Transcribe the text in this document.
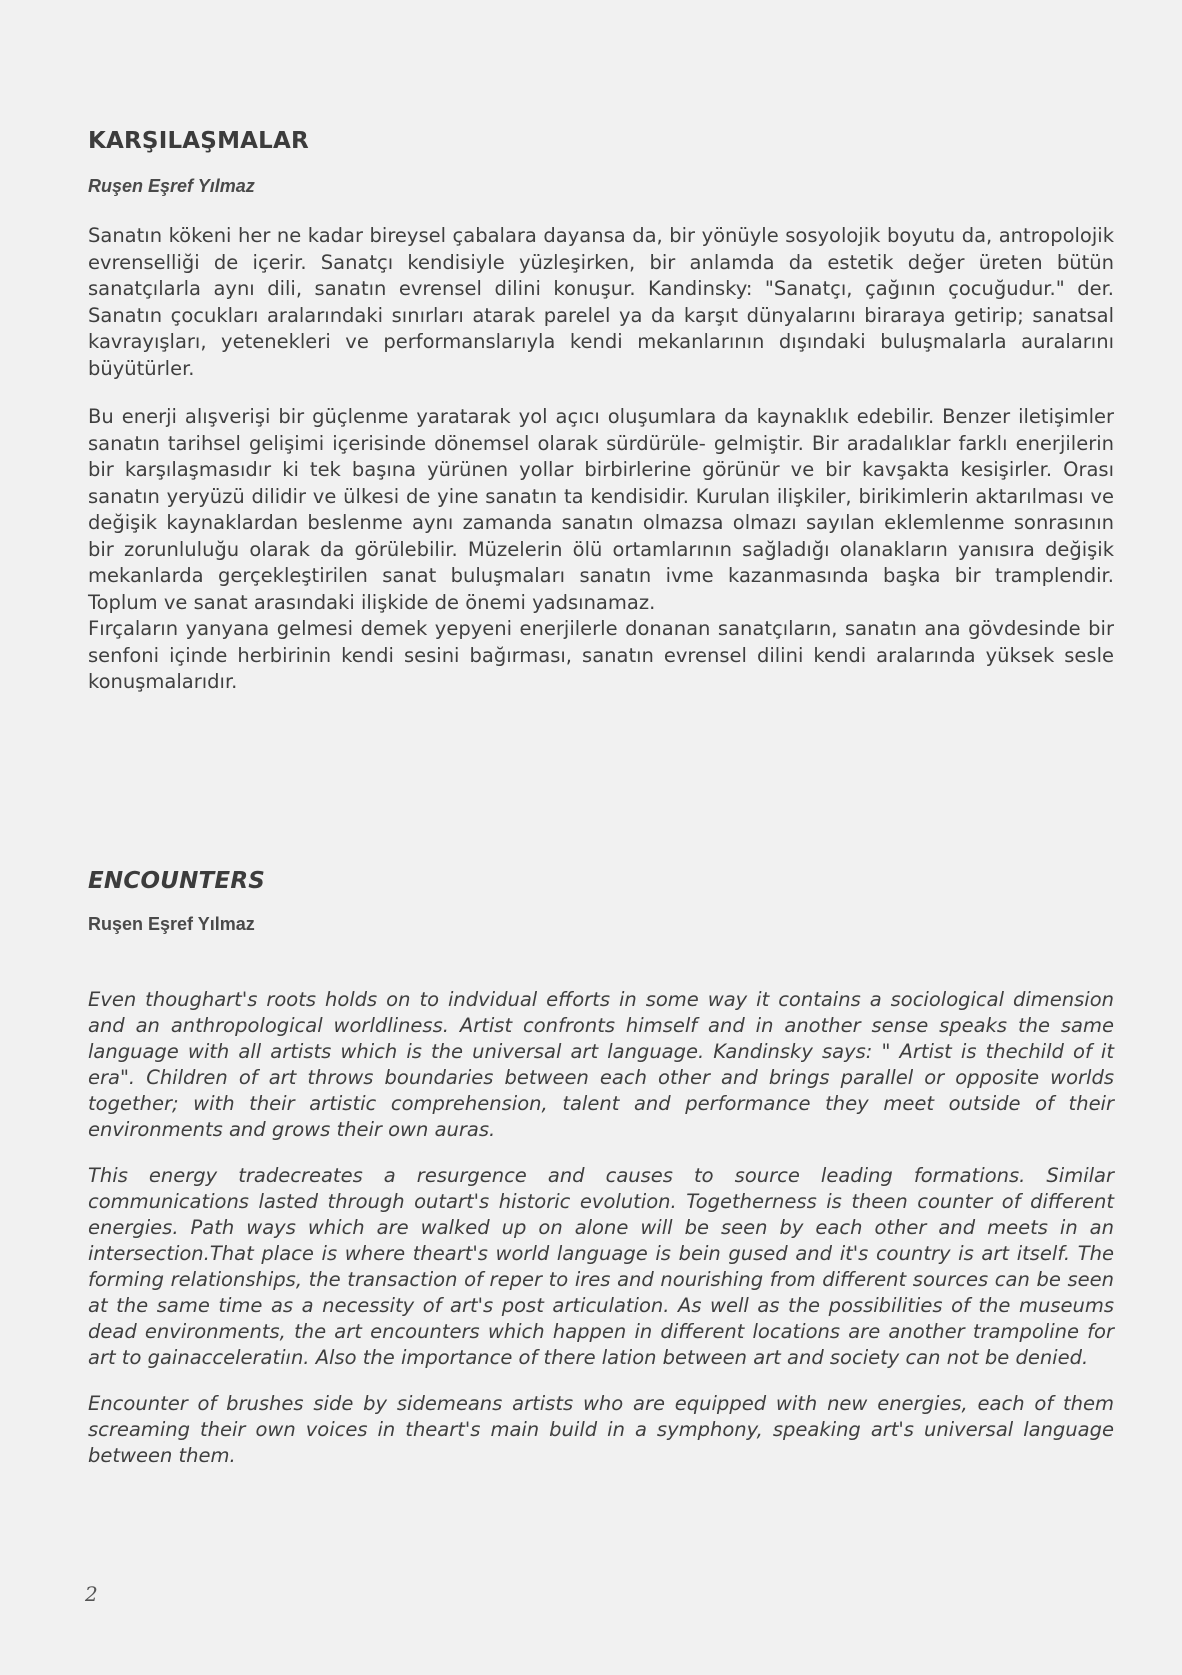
KARŞILAŞMALAR
Ruşen Eşref Yılmaz

Sanatın kökeni her ne kadar bireysel çabalara dayansa da, bir yönüyle sosyolojik boyutu da, antropolojik evrenselliği de içerir. Sanatçı kendisiyle yüzleşirken, bir anlamda da estetik değer üreten bütün sanatçılarla aynı dili, sanatın evrensel dilini konuşur. Kandinsky: "Sanatçı, çağının çocuğudur." der. Sanatın çocukları aralarındaki sınırları atarak parelel ya da karşıt dünyalarını biraraya getirip; sanatsal kavrayışları, yetenekleri ve performanslarıyla kendi mekanlarının dışındaki buluşmalarla auralarını büyütürler.

Bu enerji alışverişi bir güçlenme yaratarak yol açıcı oluşumlara da kaynaklık edebilir. Benzer iletişimler sanatın tarihsel gelişimi içerisinde dönemsel olarak sürdürüle- gelmiştir. Bir aradalıklar farklı enerjilerin bir karşılaşmasıdır ki tek başına yürünen yollar birbirlerine görünür ve bir kavşakta kesişirler. Orası sanatın yeryüzü dilidir ve ülkesi de yine sanatın ta kendisidir. Kurulan ilişkiler, birikimlerin aktarılması ve değişik kaynaklardan beslenme aynı zamanda sanatın olmazsa olmazı sayılan eklemlenme sonrasının bir zorunluluğu olarak da görülebilir. Müzelerin ölü ortamlarının sağladığı olanakların yanısıra değişik mekanlarda gerçekleştirilen sanat buluşmaları sanatın ivme kazanmasında başka bir tramplendir. Toplum ve sanat arasındaki ilişkide de önemi yadsınamaz.

Fırçaların yanyana gelmesi demek yepyeni enerjilerle donanan sanatçıların, sanatın ana gövdesinde bir senfoni içinde herbirinin kendi sesini bağırması, sanatın evrensel dilini kendi aralarında yüksek sesle konuşmalarıdır.

ENCOUNTERS
Ruşen Eşref Yılmaz

Even thoughart's roots holds on to indvidual efforts in some way it contains a sociological dimension and an anthropological worldliness. Artist confronts himself and in another sense speaks the same language with all artists which is the universal art language. Kandinsky says: " Artist is thechild of it era". Children of art throws boundaries between each other and brings parallel or opposite worlds together; with their artistic comprehension, talent and performance they meet outside of their environments and grows their own auras.

This energy tradecreates a resurgence and causes to source leading formations. Similar communications lasted through outart's historic evolution. Togetherness is theen counter of different energies. Path ways which are walked up on alone will be seen by each other and meets in an intersection.That place is where theart's world language is bein gused and it's country is art itself. The forming relationships, the transaction of reper to ires and nourishing from different sources can be seen at the same time as a necessity of art's post articulation. As well as the possibilities of the museums dead environments, the art encounters which happen in different locations are another trampoline for art to gainacceleratiın. Also the importance of there lation between art and society can not be denied.

Encounter of brushes side by sidemeans artists who are equipped with new energies, each of them screaming their own voices in theart's main build in a symphony, speaking art's universal language between them.

2
